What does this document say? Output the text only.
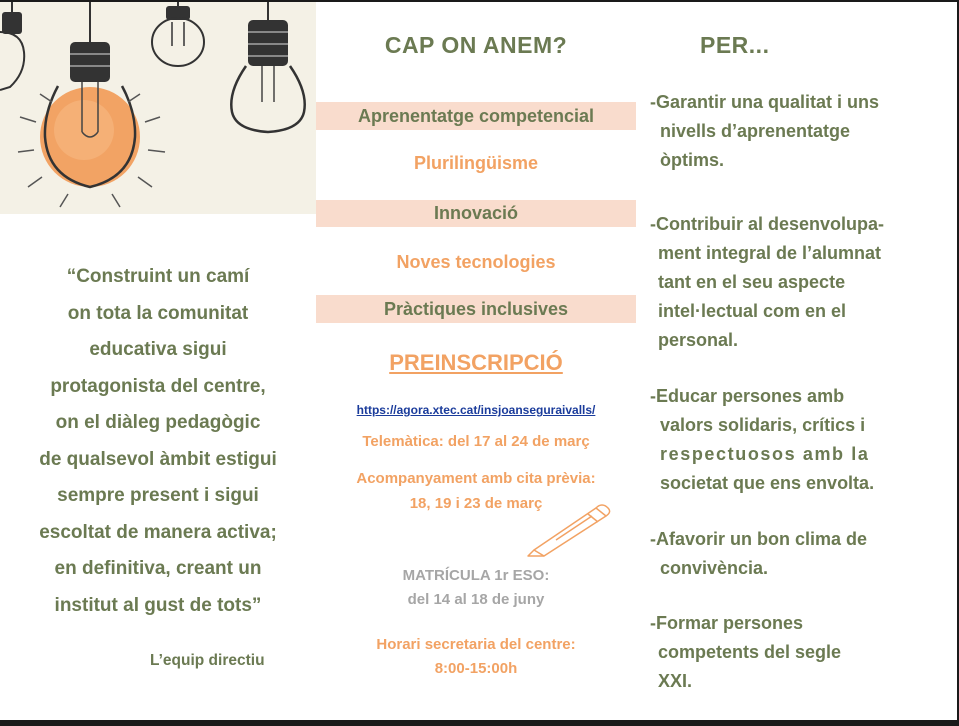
“Construint un camí
on tota la comunitat
educativa sigui
protagonista del centre,
on el diàleg pedagògic
de qualsevol àmbit estigui
sempre present i sigui
escoltat de manera activa;
en definitiva, creant un
institut al gust de tots”
L’equip directiu
CAP ON ANEM?
Aprenentatge competencial
Plurilingüisme
Innovació
Noves tecnologies
Pràctiques inclusives
PREINSCRIPCIÓ
https://agora.xtec.cat/insjoanseguraivalls/
Telemàtica: del 17 al 24 de març
Acompanyament amb cita prèvia:
18, 19 i 23 de març
MATRÍCULA 1r ESO:
del 14 al 18 de juny
Horari secretaria del centre:
8:00-15:00h
PER...
-Garantir una qualitat i uns
nivells d’aprenentatge
òptims.
-Contribuir al desenvolupa-
ment integral de l’alumnat
tant en el seu aspecte
intel·lectual com en el
personal.
-Educar persones amb
valors solidaris, crítics i
respectuosos amb la
societat que ens envolta.
-Afavorir un bon clima de
convivència.
-Formar persones
competents del segle
XXI.
